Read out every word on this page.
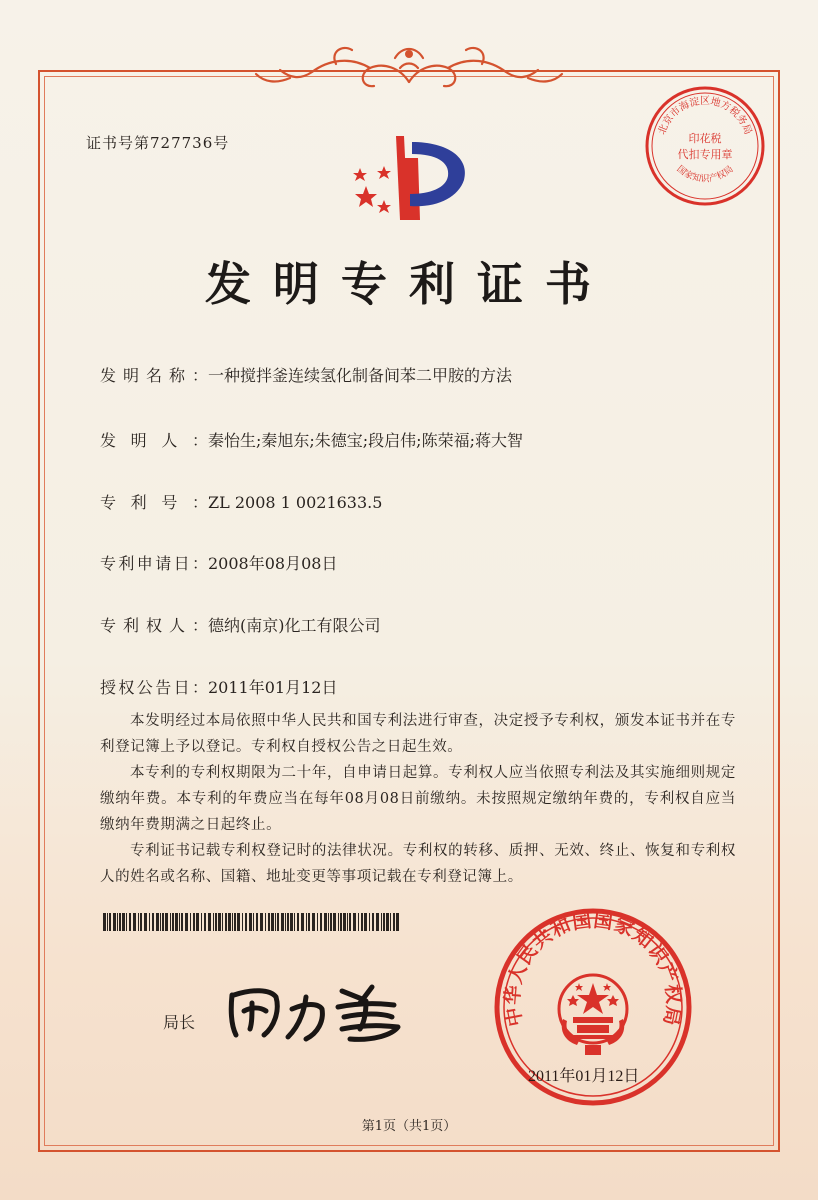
证书号第727736号
北京市海淀区地方税务局
国家知识产权局
印花税
代扣专用章
发明专利证书
发明名称：一种搅拌釜连续氢化制备间苯二甲胺的方法
发明人：秦怡生;秦旭东;朱德宝;段启伟;陈荣福;蒋大智
专利号：ZL 2008 1 0021633.5
专利申请日：2008年08月08日
专利权人：德纳(南京)化工有限公司
授权公告日：2011年01月12日

本发明经过本局依照中华人民共和国专利法进行审查，决定授予专利权，颁发本证书并在专利登记簿上予以登记。专利权自授权公告之日起生效。

本专利的专利权期限为二十年，自申请日起算。专利权人应当依照专利法及其实施细则规定缴纳年费。本专利的年费应当在每年08月08日前缴纳。未按照规定缴纳年费的，专利权自应当缴纳年费期满之日起终止。

专利证书记载专利权登记时的法律状况。专利权的转移、质押、无效、终止、恢复和专利权人的姓名或名称、国籍、地址变更等事项记载在专利登记簿上。

局长	中华人民共和国国家知识产权局
2011年01月12日
第1页（共1页）
